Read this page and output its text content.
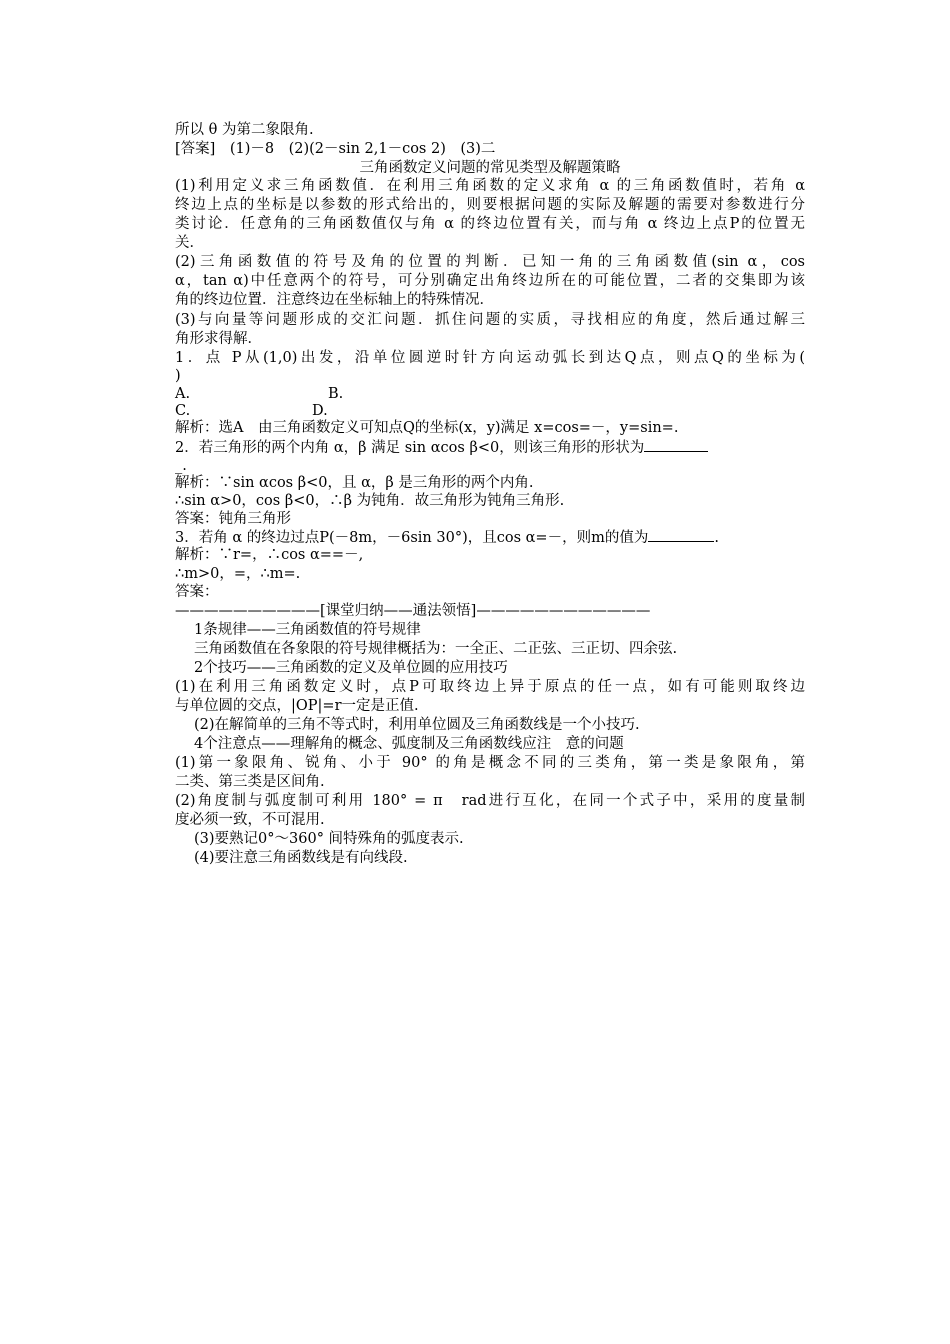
所以 θ 为第二象限角.
[答案]　(1)－8　(2)(2－sin 2,1－cos 2)　(3)二
三角函数定义问题的常见类型及解题策略
(1)利用定义求三角函数值．在利用三角函数的定义求角 α 的三角函数值时，若角 α
终边上点的坐标是以参数的形式给出的，则要根据问题的实际及解题的需要对参数进行分
类讨论．任意角的三角函数值仅与角 α 的终边位置有关，而与角 α 终边上点P的位置无
关．
(2)三角函数值的符号及角的位置的判断．已知一角的三角函数值(sin α，cos
α，tan α)中任意两个的符号，可分别确定出角终边所在的可能位置，二者的交集即为该
角的终边位置．注意终边在坐标轴上的特殊情况．
(3)与向量等问题形成的交汇问题．抓住问题的实质，寻找相应的角度，然后通过解三
角形求得解．
1．点 P从(1,0)出发，沿单位圆逆时针方向运动弧长到达Q点，则点Q的坐标为(
)
A.	B.
C.	D.
解析：选A　由三角函数定义可知点Q的坐标(x，y)满足 x=cos=－，y=sin=.
2．若三角形的两个内角 α，β 满足 sin αcos β<0，则该三角形的形状为
_.
解析：∵sin αcos β<0，且 α，β 是三角形的两个内角.
∴sin α>0，cos β<0，∴β 为钝角．故三角形为钝角三角形.
答案：钝角三角形
3．若角 α 的终边过点P(－8m，－6sin 30°)，且cos α=－，则m的值为	.
解析：∵r=，∴cos α==－,
∴m>0，=，∴m=.
答案：
——————————[课堂归纳——通法领悟]————————————
1条规律——三角函数值的符号规律
三角函数值在各象限的符号规律概括为：一全正、二正弦、三正切、四余弦.
2个技巧——三角函数的定义及单位圆的应用技巧
(1)在利用三角函数定义时，点P可取终边上异于原点的任一点，如有可能则取终边
与单位圆的交点，|OP|=r一定是正值.
(2)在解简单的三角不等式时，利用单位圆及三角函数线是一个小技巧.
4个注意点——理解角的概念、弧度制及三角函数线应注　意的问题
(1)第一象限角、锐角、小于 90° 的角是概念不同的三类角，第一类是象限角，第
二类、第三类是区间角.
(2)角度制与弧度制可利用 180° = π　rad进行互化，在同一个式子中，采用的度量制
度必须一致，不可混用.
(3)要熟记0°～360° 间特殊角的弧度表示.
(4)要注意三角函数线是有向线段.
